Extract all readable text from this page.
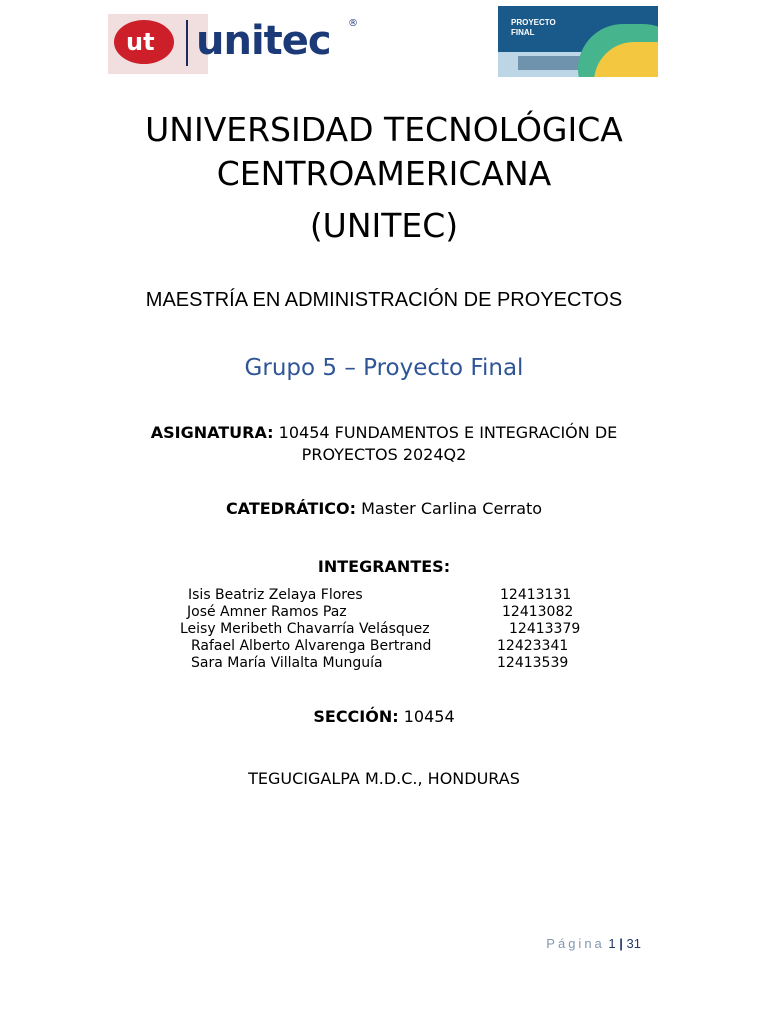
ut unitec ®	PROYECTO
FINAL
UNIVERSIDAD TECNOLÓGICA
CENTROAMERICANA
(UNITEC)
MAESTRÍA EN ADMINISTRACIÓN DE PROYECTOS
Grupo 5 – Proyecto Final
ASIGNATURA: 10454 FUNDAMENTOS E INTEGRACIÓN DE PROYECTOS 2024Q2
CATEDRÁTICO: Master Carlina Cerrato
INTEGRANTES:
Isis Beatriz Zelaya Flores	12413131
José Amner Ramos Paz	12413082
Leisy Meribeth Chavarría Velásquez	12413379
Rafael Alberto Alvarenga Bertrand	12423341
Sara María Villalta Munguía	12413539
SECCIÓN: 10454
TEGUCIGALPA M.D.C., HONDURAS
Página 1 | 31
